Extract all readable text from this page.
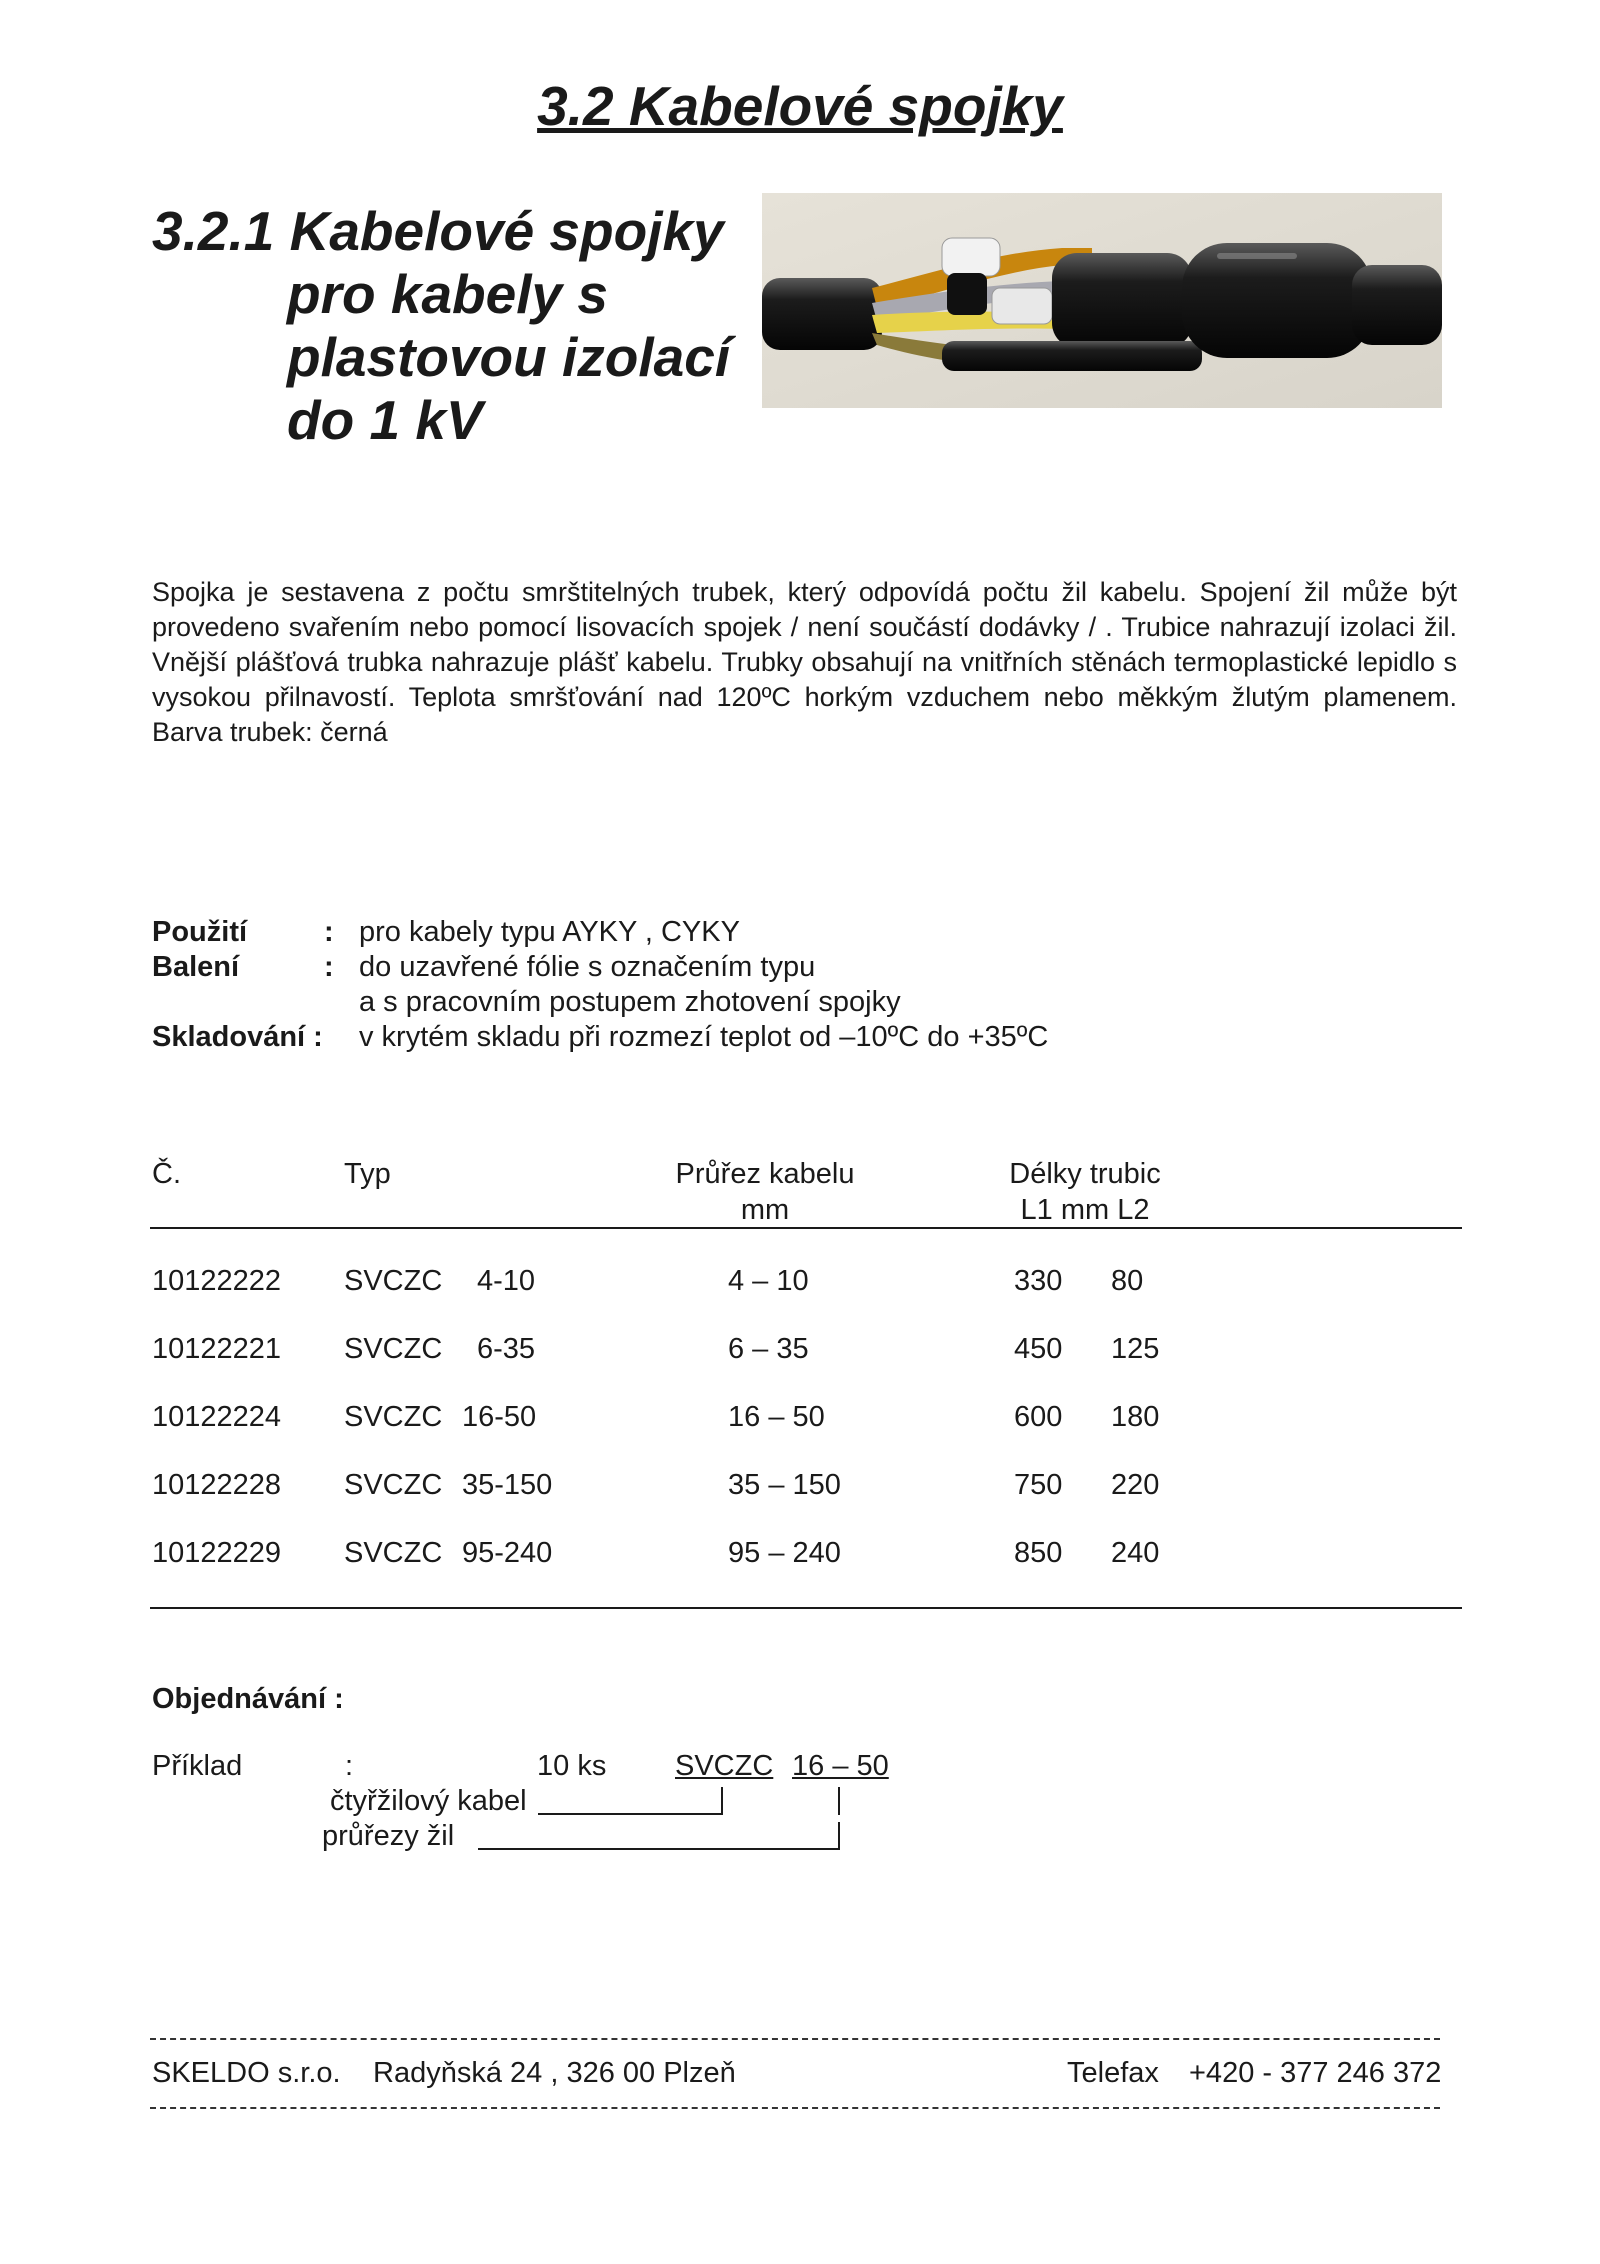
3.2 Kabelové spojky
3.2.1 Kabelové spojky
pro kabely s
plastovou izolací
do 1 kV
Spojka je sestavena z počtu smrštitelných trubek, který odpovídá počtu žil kabelu. Spojení žil může být provedeno svařením nebo pomocí lisovacích spojek / není součástí dodávky / . Trubice nahrazují izolaci žil. Vnější plášťová trubka nahrazuje plášť kabelu. Trubky obsahují na vnitřních stěnách termoplastické lepidlo s vysokou přilnavostí. Teplota smršťování nad 120ºC horkým vzduchem nebo měkkým žlutým plamenem. Barva trubek: černá
Použití	: pro kabely typu AYKY , CYKY
Balení	: do uzavřené fólie s označením typu
a s pracovním postupem zhotovení spojky
Skladování : v krytém skladu při rozmezí teplot od –10ºC do +35ºC
Č.	Typ	Průřez kabelu
mm
Délky trubic
L1 mm L2
10122222 SVCZC 4-10	4 – 10	330 80
10122221 SVCZC 6-35	6 – 35	450 125
10122224 SVCZC 16-50	16 – 50	600 180
10122228 SVCZC 35-150	35 – 150	750 220
10122229 SVCZC 95-240	95 – 240	850 240
Objednávání :
Příklad	:	10 ks SVCZC 16 – 50
čtyřžilový kabel
průřezy žil
SKELDO s.r.o. Radyňská 24 , 326 00 Plzeň	Telefax +420 - 377 246 372
